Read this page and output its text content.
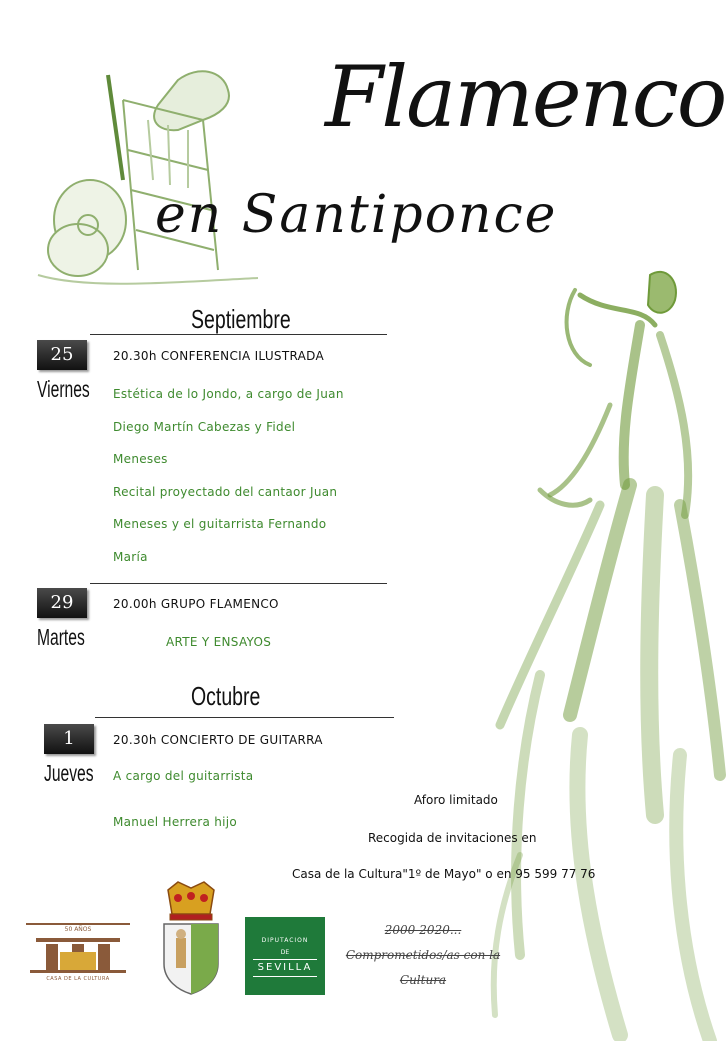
Flamenco
en Santiponce
Septiembre
25
Viernes
20.30h CONFERENCIA ILUSTRADA
Estética de lo Jondo, a cargo de Juan
Diego Martín Cabezas y Fidel
Meneses
Recital proyectado del cantaor Juan
Meneses y el guitarrista Fernando
María
29
Martes
20.00h GRUPO FLAMENCO
ARTE Y ENSAYOS
Octubre
1
Jueves
20.30h CONCIERTO DE GUITARRA
A cargo del guitarrista
Manuel Herrera hijo
Aforo limitado
Recogida de invitaciones en
Casa de la Cultura"1º de Mayo" o en 95 599 77 76
50 AÑOS
CASA DE LA CULTURA
DIPUTACION
DE
SEVILLA
2000-2020...
Comprometidos/as con la
Cultura
